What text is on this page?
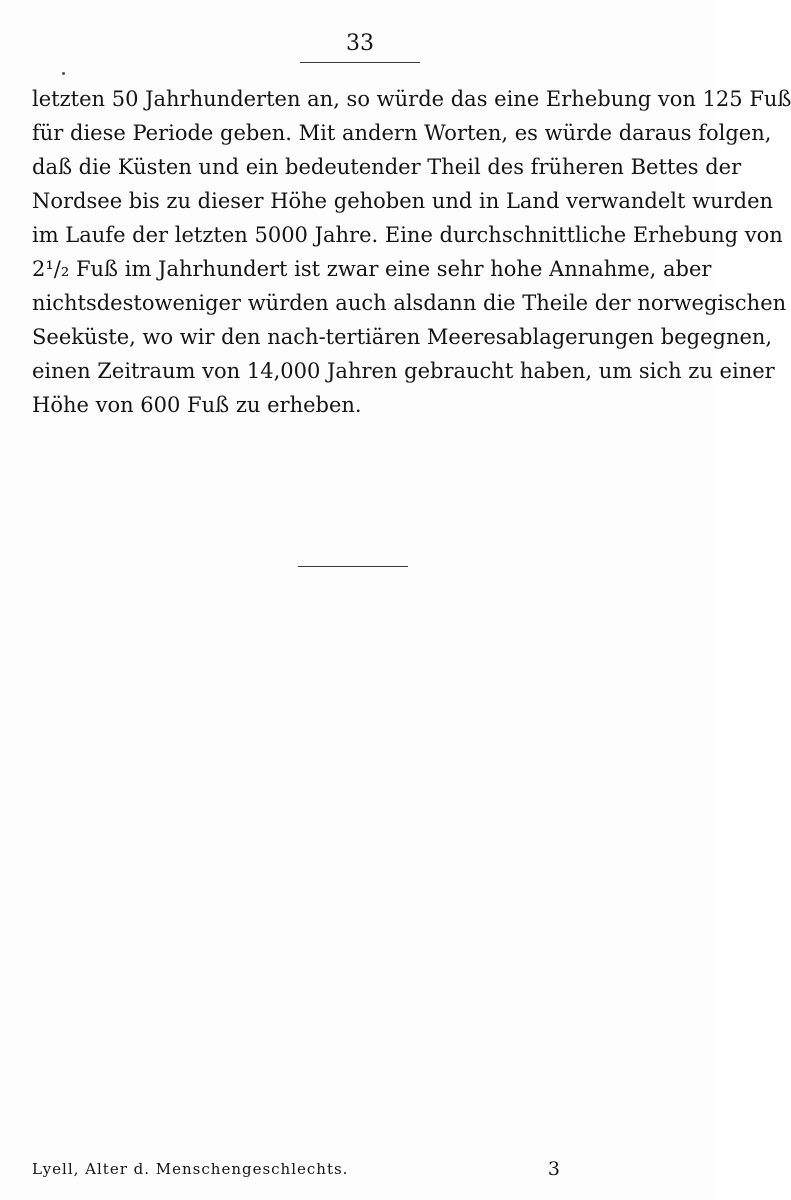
33
letzten 50 Jahrhunderten an, so würde das eine Erhebung von 125 Fuß
für diese Periode geben. Mit andern Worten, es würde daraus folgen,
daß die Küsten und ein bedeutender Theil des früheren Bettes der
Nordsee bis zu dieser Höhe gehoben und in Land verwandelt wurden
im Laufe der letzten 5000 Jahre. Eine durchschnittliche Erhebung von
2¹/₂ Fuß im Jahrhundert ist zwar eine sehr hohe Annahme, aber
nichtsdestoweniger würden auch alsdann die Theile der norwegischen
Seeküste, wo wir den nach-tertiären Meeresablagerungen begegnen,
einen Zeitraum von 14,000 Jahren gebraucht haben, um sich zu einer
Höhe von 600 Fuß zu erheben.
Lyell, Alter d. Menschengeschlechts.	3
